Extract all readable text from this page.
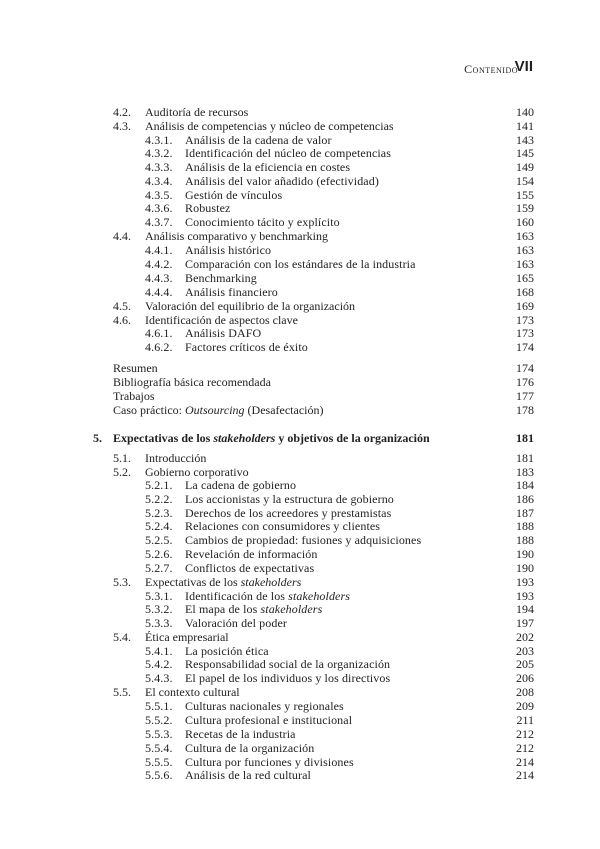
Contenido
VII
4.2. Auditoría de recursos	140
4.3. Análisis de competencias y núcleo de competencias	141
4.3.1. Análisis de la cadena de valor	143
4.3.2. Identificación del núcleo de competencias	145
4.3.3. Análisis de la eficiencia en costes	149
4.3.4. Análisis del valor añadido (efectividad)	154
4.3.5. Gestión de vínculos	155
4.3.6. Robustez	159
4.3.7. Conocimiento tácito y explícito	160
4.4. Análisis comparativo y benchmarking	163
4.4.1. Análisis histórico	163
4.4.2. Comparación con los estándares de la industria	163
4.4.3. Benchmarking	165
4.4.4. Análisis financiero	168
4.5. Valoración del equilibrio de la organización	169
4.6. Identificación de aspectos clave	173
4.6.1. Análisis DAFO	173
4.6.2. Factores críticos de éxito	174
Resumen	174
Bibliografía básica recomendada	176
Trabajos	177
Caso práctico: Outsourcing (Desafectación)	178
5. Expectativas de los stakeholders y objetivos de la organización	181
5.1. Introducción	181
5.2. Gobierno corporativo	183
5.2.1. La cadena de gobierno	184
5.2.2. Los accionistas y la estructura de gobierno	186
5.2.3. Derechos de los acreedores y prestamistas	187
5.2.4. Relaciones con consumidores y clientes	188
5.2.5. Cambios de propiedad: fusiones y adquisiciones	188
5.2.6. Revelación de información	190
5.2.7. Conflictos de expectativas	190
5.3. Expectativas de los stakeholders	193
5.3.1. Identificación de los stakeholders	193
5.3.2. El mapa de los stakeholders	194
5.3.3. Valoración del poder	197
5.4. Ética empresarial	202
5.4.1. La posición ética	203
5.4.2. Responsabilidad social de la organización	205
5.4.3. El papel de los individuos y los directivos	206
5.5. El contexto cultural	208
5.5.1. Culturas nacionales y regionales	209
5.5.2. Cultura profesional e institucional	211
5.5.3. Recetas de la industria	212
5.5.4. Cultura de la organización	212
5.5.5. Cultura por funciones y divisiones	214
5.5.6. Análisis de la red cultural	214
